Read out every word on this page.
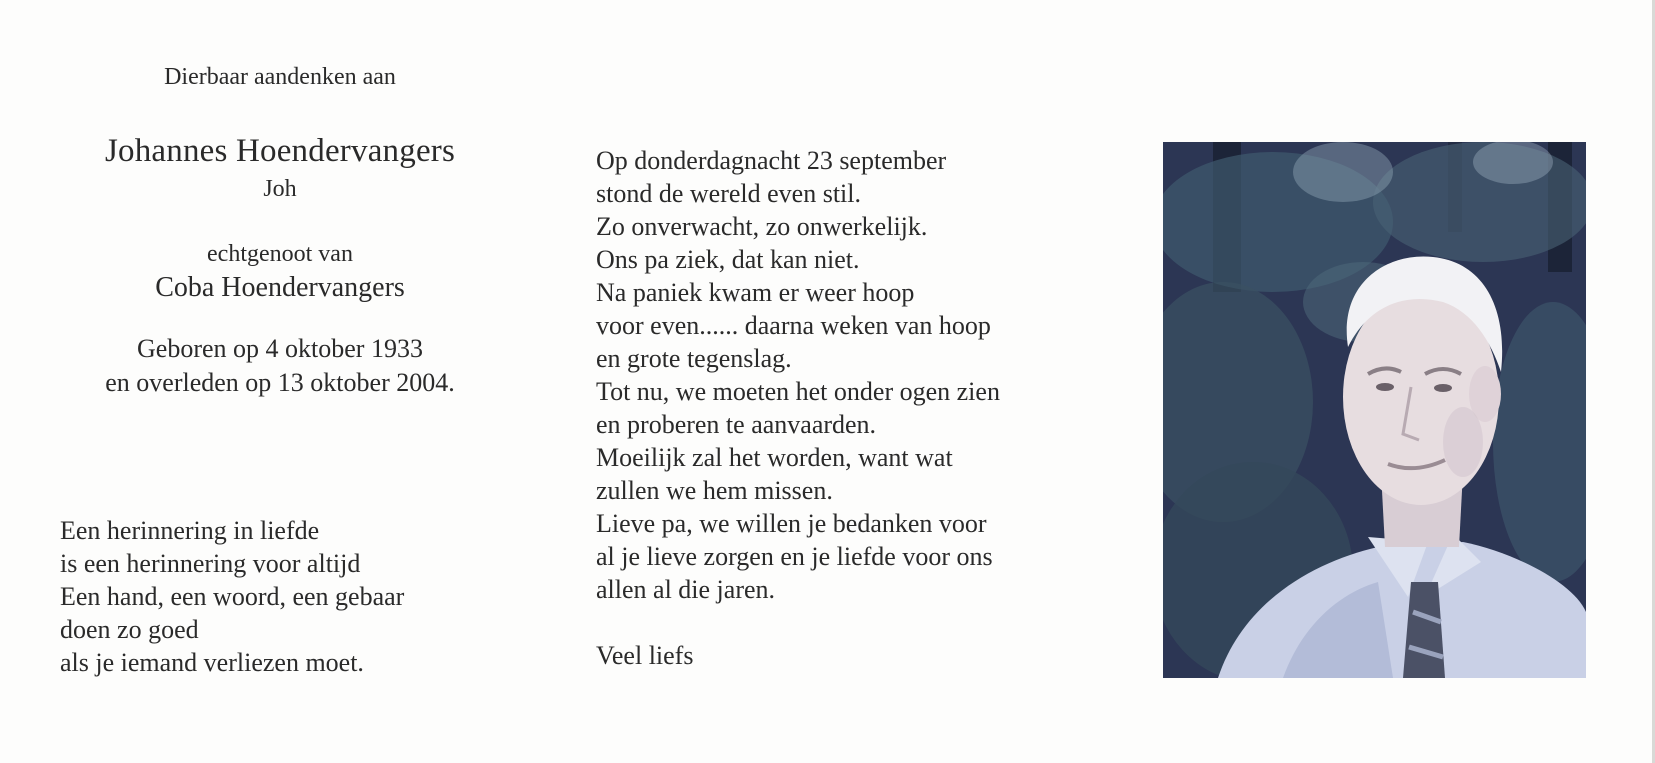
Dierbaar aandenken aan
Johannes Hoendervangers
Joh
echtgenoot van
Coba Hoendervangers
Geboren op 4 oktober 1933
en overleden op 13 oktober 2004.
Een herinnering in liefde
is een herinnering voor altijd
Een hand, een woord, een gebaar
doen zo goed
als je iemand verliezen moet.
Op donderdagnacht 23 september
stond de wereld even stil.
Zo onverwacht, zo onwerkelijk.
Ons pa ziek, dat kan niet.
Na paniek kwam er weer hoop
voor even...... daarna weken van hoop
en grote tegenslag.
Tot nu, we moeten het onder ogen zien
en proberen te aanvaarden.
Moeilijk zal het worden, want wat
zullen we hem missen.
Lieve pa, we willen je bedanken voor
al je lieve zorgen en je liefde voor ons
allen al die jaren.
Veel liefs
